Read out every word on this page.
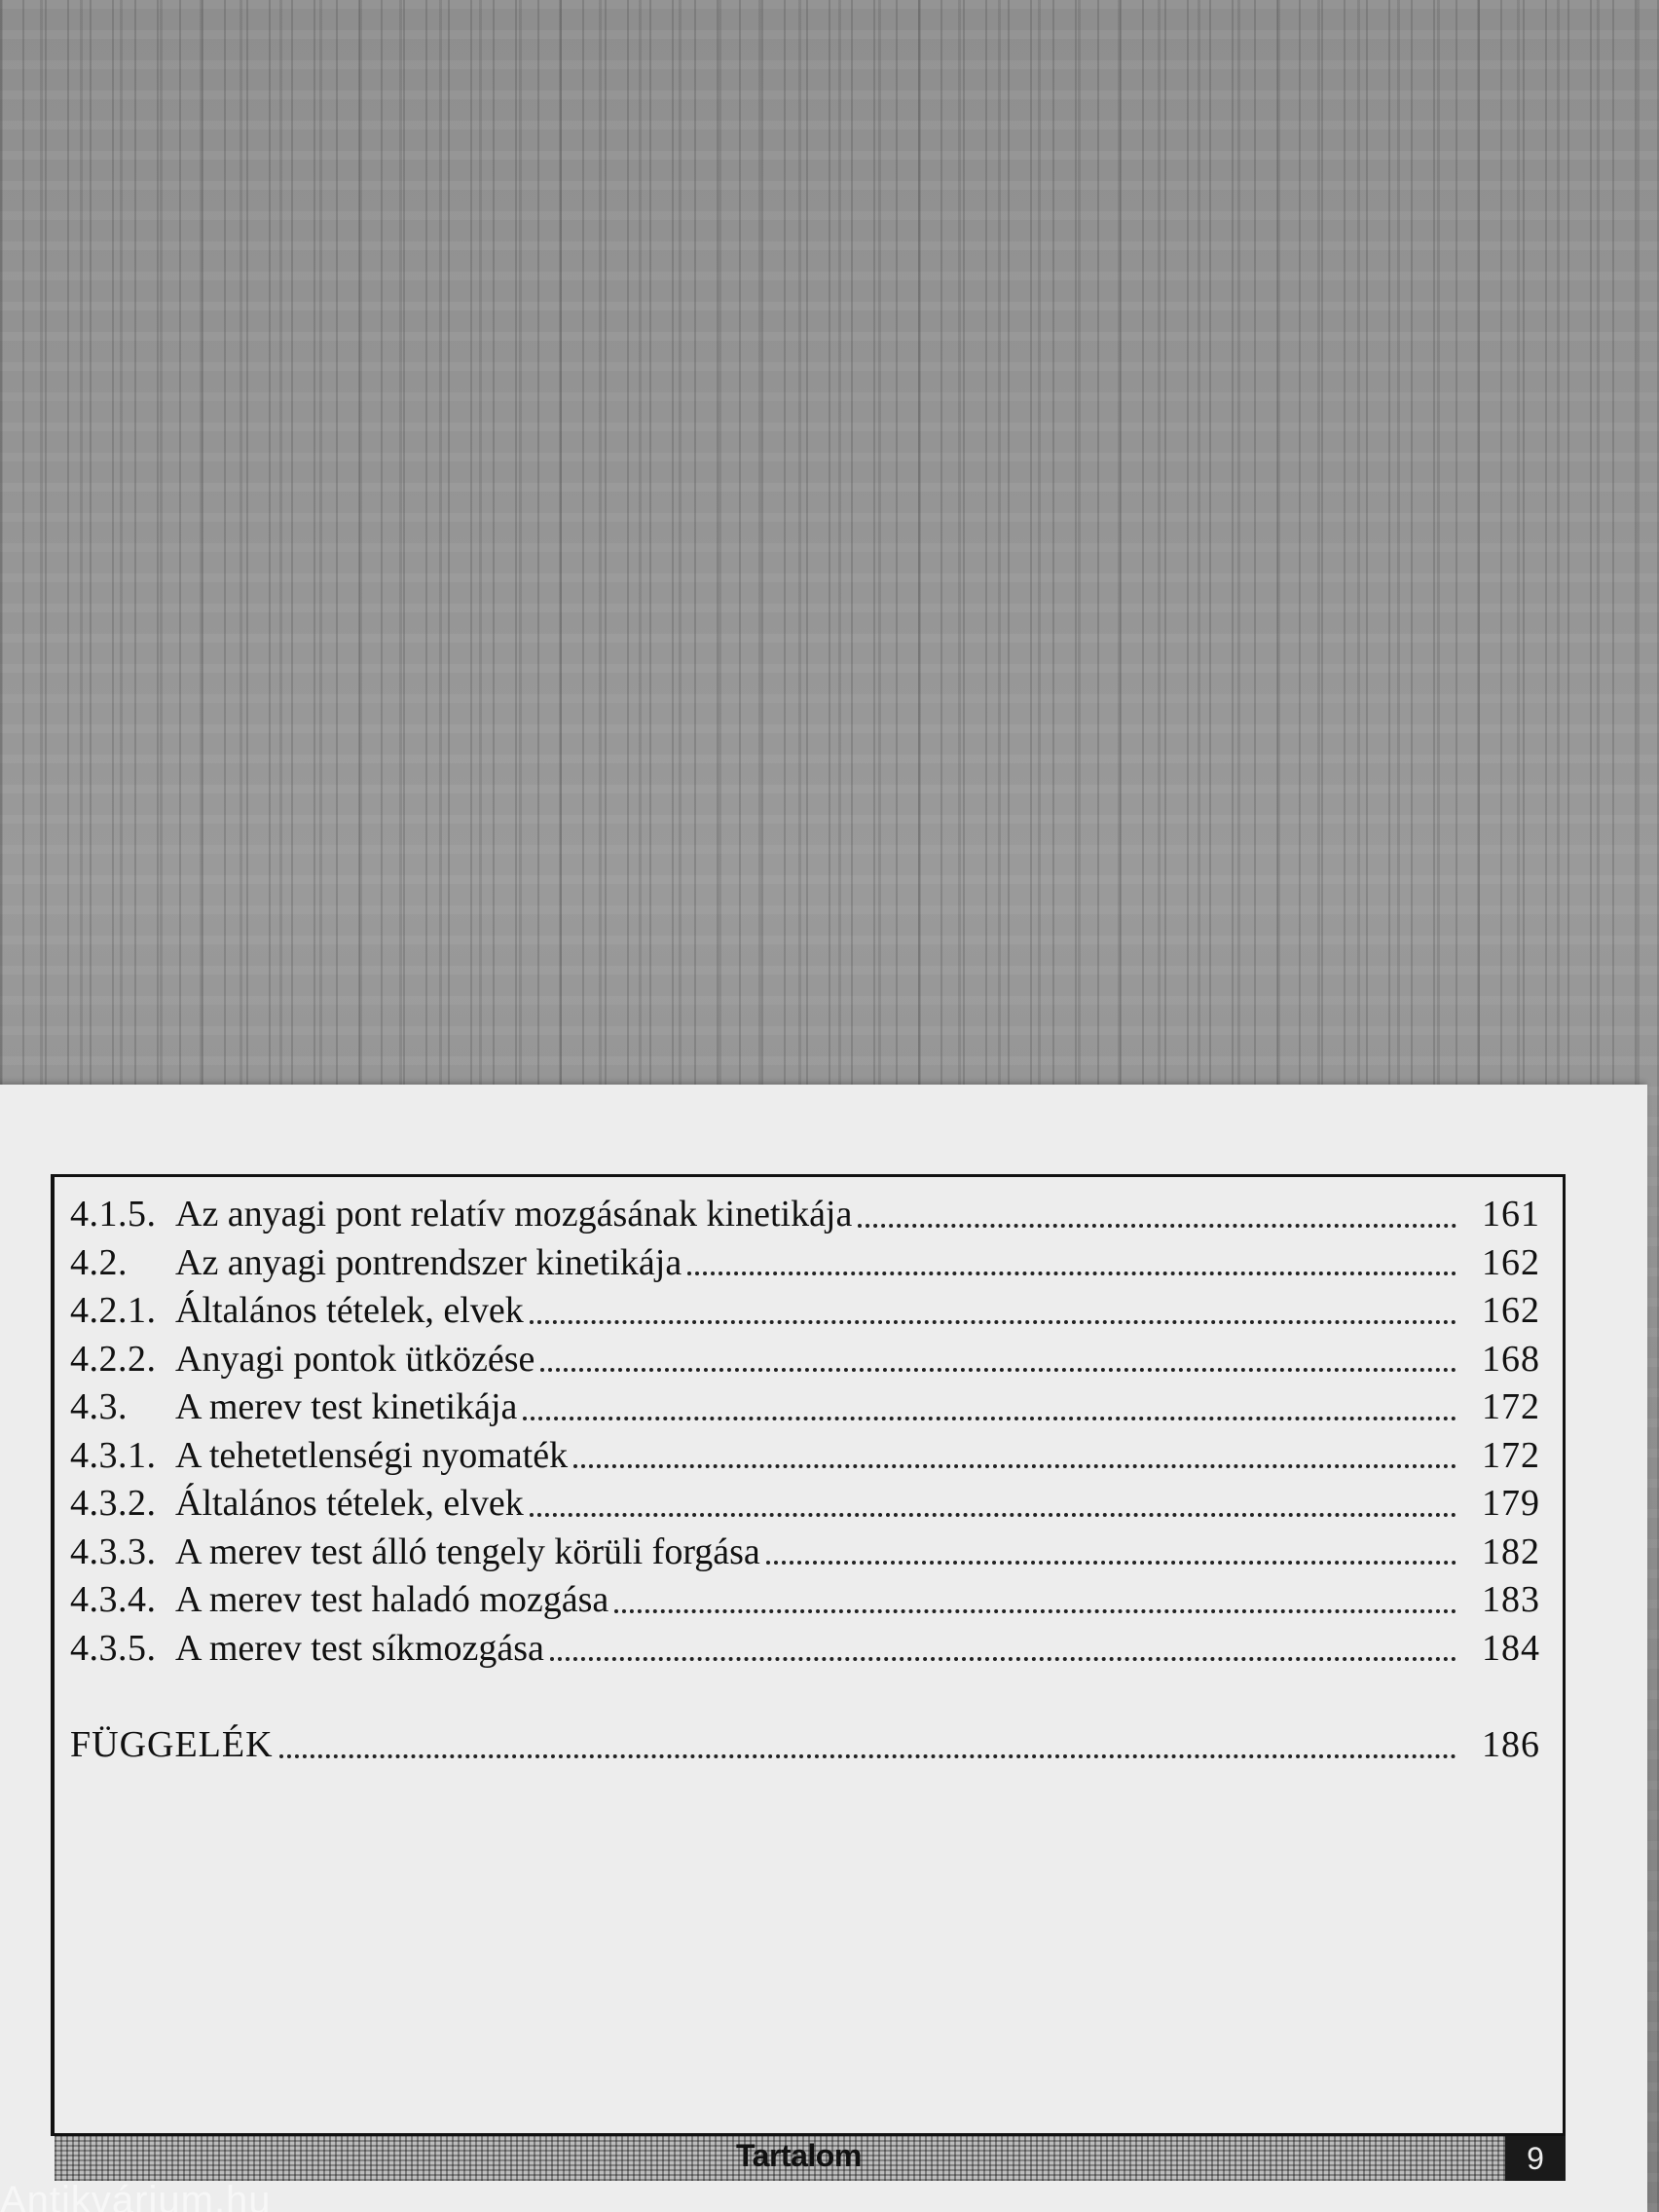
4.1.5. Az anyagi pont relatív mozgásának kinetikája	161
4.2.	Az anyagi pontrendszer kinetikája	162
4.2.1. Általános tételek, elvek	162
4.2.2. Anyagi pontok ütközése	168
4.3.	A merev test kinetikája	172
4.3.1. A tehetetlenségi nyomaték	172
4.3.2. Általános tételek, elvek	179
4.3.3. A merev test álló tengely körüli forgása	182
4.3.4. A merev test haladó mozgása	183
4.3.5. A merev test síkmozgása	184
FÜGGELÉK	186
Tartalom	9
Antikvárium.hu
